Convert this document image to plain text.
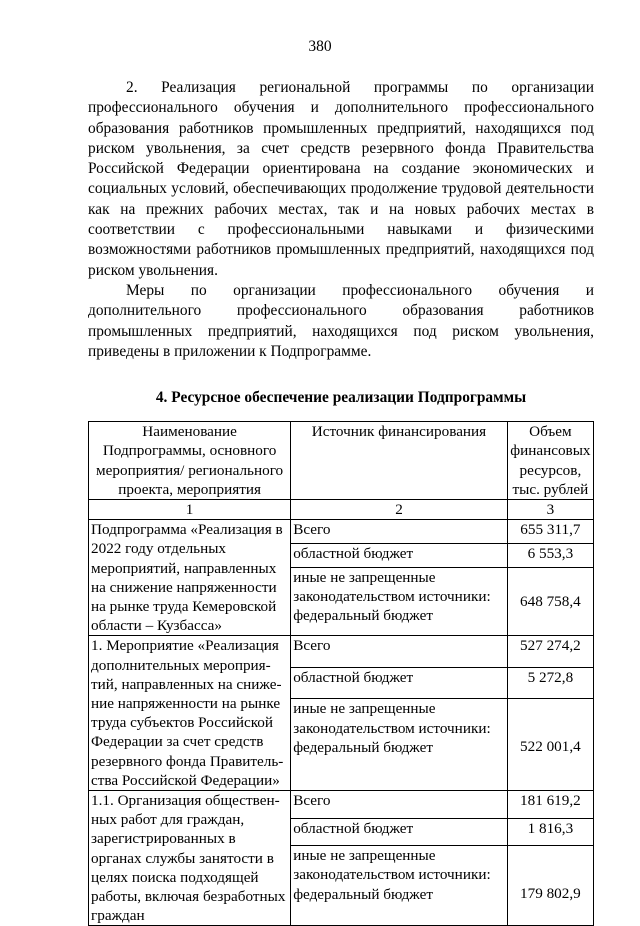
380

2. Реализация региональной программы по организации профессионального обучения и дополнительного профессионального образования работников промышленных предприятий, находящихся под риском увольнения, за счет средств резервного фонда Правительства Российской Федерации ориентирована на создание экономических и социальных условий, обеспечивающих продолжение трудовой деятельности как на прежних рабочих местах, так и на новых рабочих местах в соответствии с профессиональными навыками и физическими возможностями работников промышленных предприятий, находящихся под риском увольнения.

Меры по организации профессионального обучения и дополнительного профессионального образования работников промышленных предприятий, находящихся под риском увольнения, приведены в приложении к Подпрограмме.

4. Ресурсное обеспечение реализации Подпрограммы
Наименование Подпрограммы, основного мероприятия/ регионального проекта, мероприятия	Источник финансирования	Объем финансовых ресурсов, тыс. рублей
1	2	3
Подпрограмма «Реализация в 2022 году отдельных мероприятий, направленных на снижение напряженности на рынке труда Кемеровской области – Кузбасса»	Всего	655 311,7
	областной бюджет	6 553,3
	иные не запрещенные законодательством источники: федеральный бюджет	648 758,4
1. Мероприятие «Реализация дополнительных мероприя-тий, направленных на сниже-ние напряженности на рынке труда субъектов Российской Федерации за счет средств резервного фонда Правитель-ства Российской Федерации»	Всего	527 274,2
	областной бюджет	5 272,8
	иные не запрещенные законодательством источники: федеральный бюджет	522 001,4
1.1. Организация обществен-ных работ для граждан, зарегистрированных в органах службы занятости в целях поиска подходящей работы, включая безработных граждан	Всего	181 619,2
	областной бюджет	1 816,3
	иные не запрещенные законодательством источники: федеральный бюджет	179 802,9
